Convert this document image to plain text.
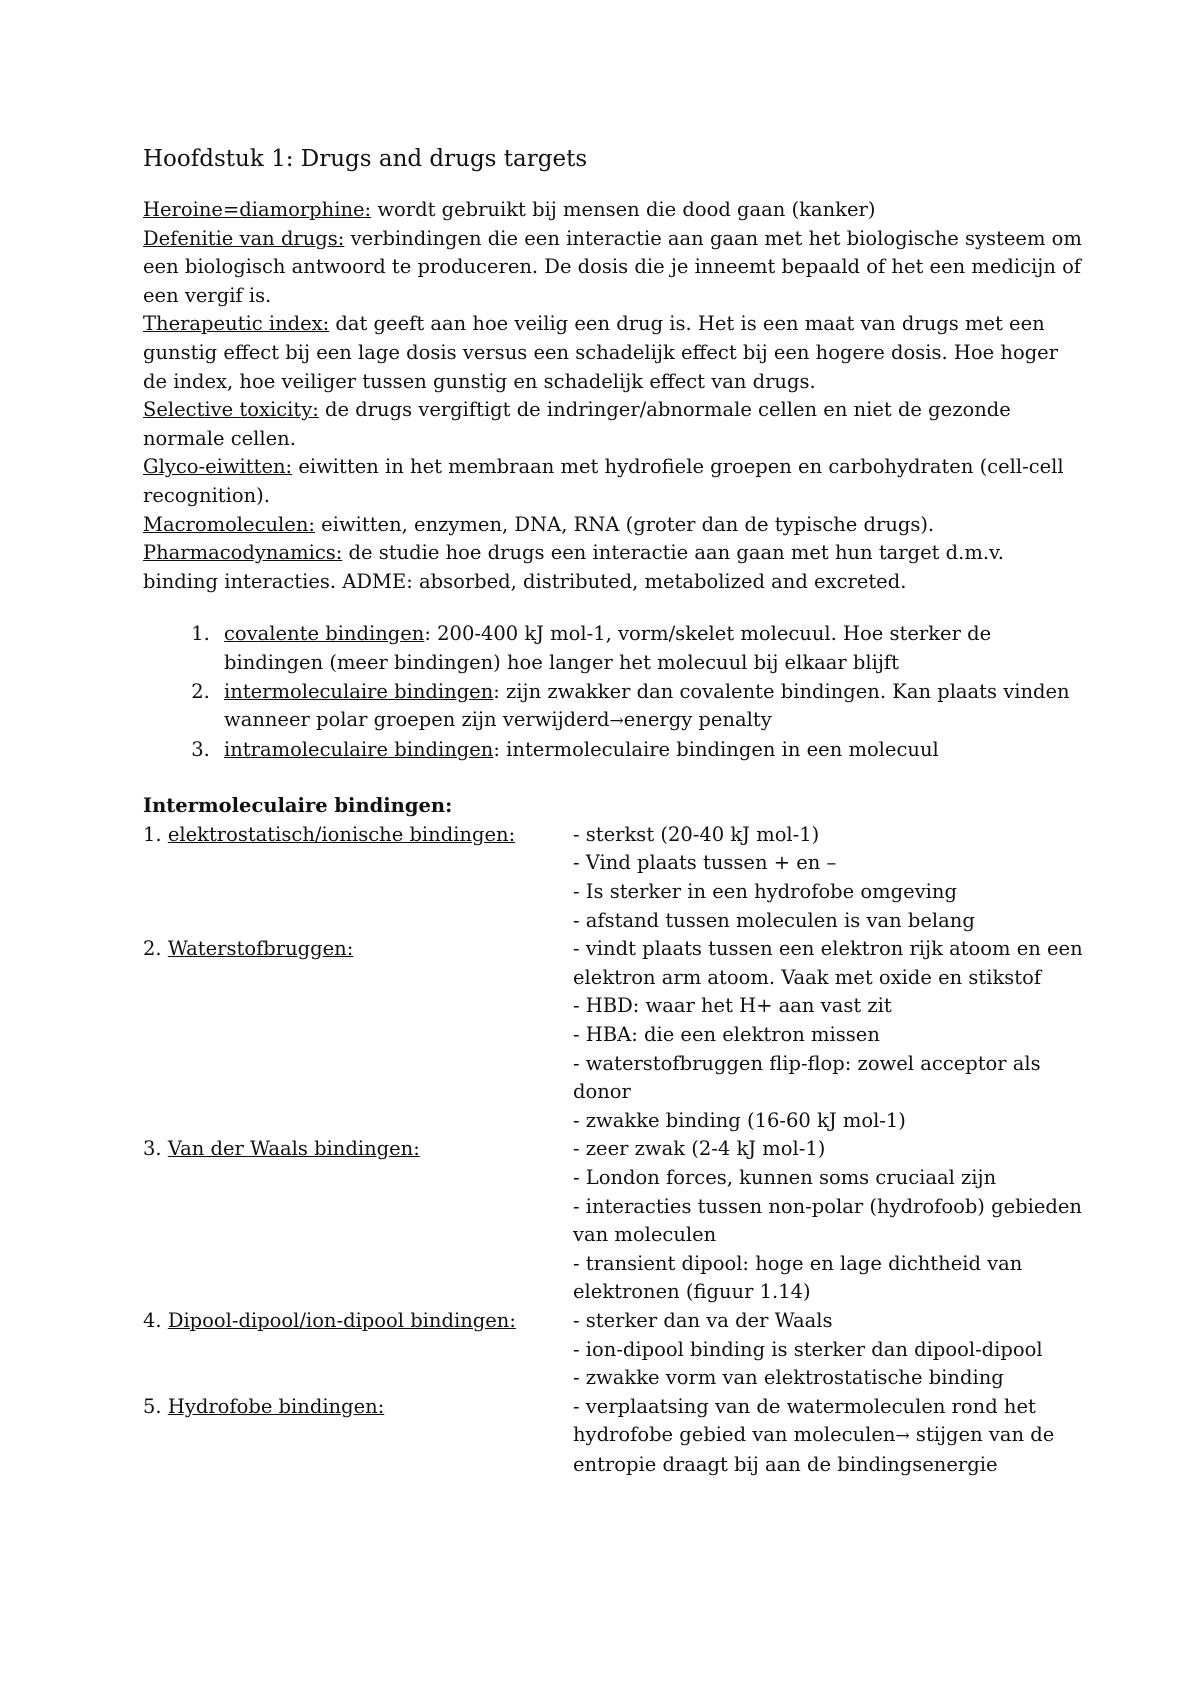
Hoofdstuk 1: Drugs and drugs targets

Heroine=diamorphine: wordt gebruikt bij mensen die dood gaan (kanker)

Defenitie van drugs: verbindingen die een interactie aan gaan met het biologische systeem om een biologisch antwoord te produceren. De dosis die je inneemt bepaald of het een medicijn of een vergif is.

Therapeutic index: dat geeft aan hoe veilig een drug is. Het is een maat van drugs met een gunstig effect bij een lage dosis versus een schadelijk effect bij een hogere dosis. Hoe hoger de index, hoe veiliger tussen gunstig en schadelijk effect van drugs.

Selective toxicity: de drugs vergiftigt de indringer/abnormale cellen en niet de gezonde normale cellen.

Glyco-eiwitten: eiwitten in het membraan met hydrofiele groepen en carbohydraten (cell-cell recognition).

Macromoleculen: eiwitten, enzymen, DNA, RNA (groter dan de typische drugs).

Pharmacodynamics: de studie hoe drugs een interactie aan gaan met hun target d.m.v. binding interacties. ADME: absorbed, distributed, metabolized and excreted.

1. covalente bindingen: 200-400 kJ mol-1, vorm/skelet molecuul. Hoe sterker de bindingen (meer bindingen) hoe langer het molecuul bij elkaar blijft
2. intermoleculaire bindingen: zijn zwakker dan covalente bindingen. Kan plaats vinden wanneer polar groepen zijn verwijderd→energy penalty
3. intramoleculaire bindingen: intermoleculaire bindingen in een molecuul
Intermoleculaire bindingen:
1. elektrostatisch/ionische bindingen:	- sterkst (20-40 kJ mol-1)
- Vind plaats tussen + en –
- Is sterker in een hydrofobe omgeving
- afstand tussen moleculen is van belang
2. Waterstofbruggen:	- vindt plaats tussen een elektron rijk atoom en een elektron arm atoom. Vaak met oxide en stikstof
- HBD: waar het H+ aan vast zit
- HBA: die een elektron missen
- waterstofbruggen flip-flop: zowel acceptor als donor
- zwakke binding (16-60 kJ mol-1)
3. Van der Waals bindingen:	- zeer zwak (2-4 kJ mol-1)
- London forces, kunnen soms cruciaal zijn
- interacties tussen non-polar (hydrofoob) gebieden van moleculen
- transient dipool: hoge en lage dichtheid van elektronen (figuur 1.14)
4. Dipool-dipool/ion-dipool bindingen:	- sterker dan va der Waals
- ion-dipool binding is sterker dan dipool-dipool
- zwakke vorm van elektrostatische binding
5. Hydrofobe bindingen:	- verplaatsing van de watermoleculen rond het hydrofobe gebied van moleculen→ stijgen van de entropie draagt bij aan de bindingsenergie
